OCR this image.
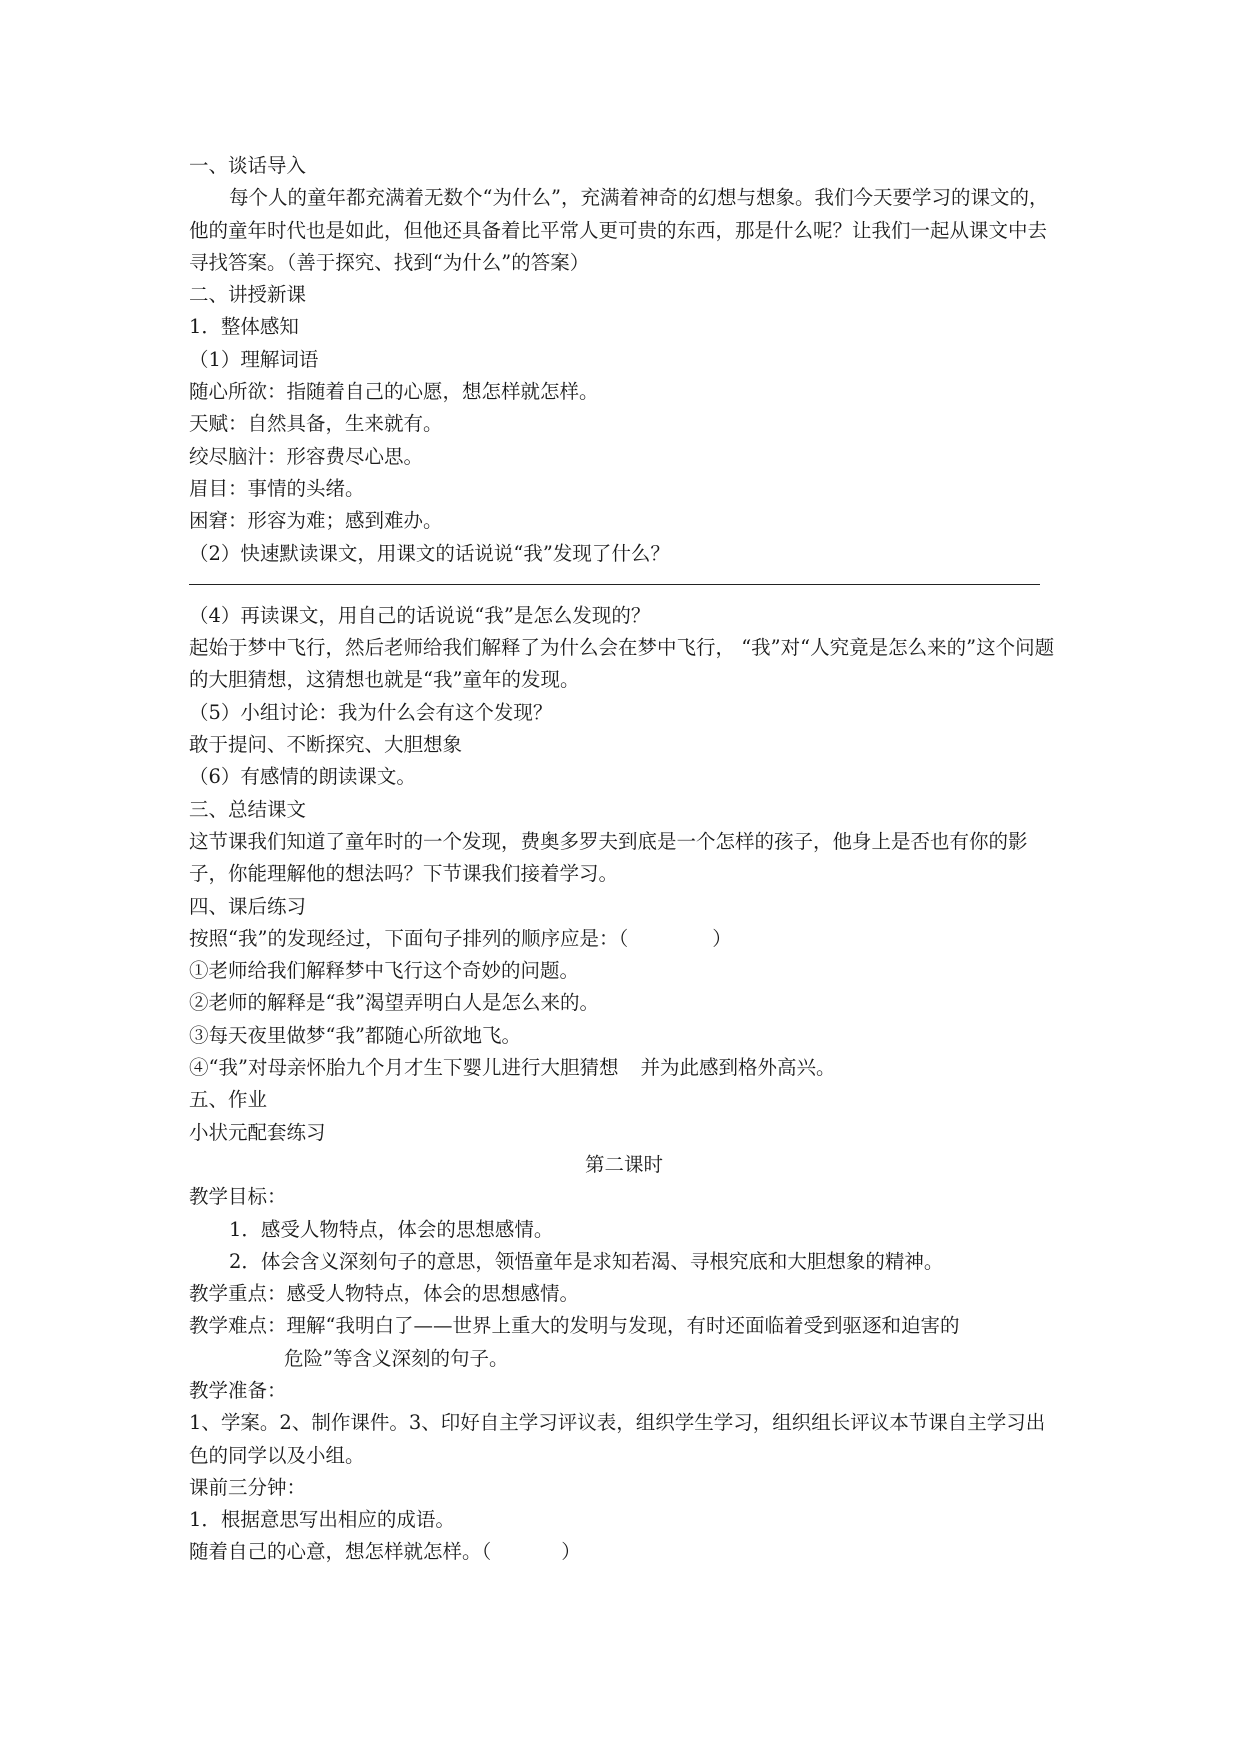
一、谈话导入
每个人的童年都充满着无数个“为什么”，充满着神奇的幻想与想象。我们今天要学习的课文的，他的童年时代也是如此，但他还具备着比平常人更可贵的东西，那是什么呢？让我们一起从课文中去寻找答案。（善于探究、找到“为什么”的答案）
二、讲授新课
1．整体感知
（1）理解词语
随心所欲：指随着自己的心愿，想怎样就怎样。
天赋：自然具备，生来就有。
绞尽脑汁：形容费尽心思。
眉目：事情的头绪。
困窘：形容为难；感到难办。
（2）快速默读课文，用课文的话说说“我”发现了什么？
（4）再读课文，用自己的话说说“我”是怎么发现的？
起始于梦中飞行，然后老师给我们解释了为什么会在梦中飞行， “我”对“人究竟是怎么来的”这个问题的大胆猜想，这猜想也就是“我”童年的发现。
（5）小组讨论：我为什么会有这个发现？
敢于提问、不断探究、大胆想象
（6）有感情的朗读课文。
三、总结课文
这节课我们知道了童年时的一个发现，费奥多罗夫到底是一个怎样的孩子，他身上是否也有你的影子，你能理解他的想法吗？下节课我们接着学习。
四、课后练习
按照“我”的发现经过，下面句子排列的顺序应是：（	）
①老师给我们解释梦中飞行这个奇妙的问题。
②老师的解释是“我”渴望弄明白人是怎么来的。
③每天夜里做梦“我”都随心所欲地飞。
④“我”对母亲怀胎九个月才生下婴儿进行大胆猜想 并为此感到格外高兴。
五、作业
小状元配套练习
第二课时
教学目标：
1．感受人物特点，体会的思想感情。
2．体会含义深刻句子的意思，领悟童年是求知若渴、寻根究底和大胆想象的精神。
教学重点：感受人物特点，体会的思想感情。
教学难点：理解“我明白了——世界上重大的发明与发现，有时还面临着受到驱逐和迫害的
危险”等含义深刻的句子。
教学准备：
1、学案。2、制作课件。3、印好自主学习评议表，组织学生学习，组织组长评议本节课自主学习出色的同学以及小组。
课前三分钟：
1．根据意思写出相应的成语。
随着自己的心意，想怎样就怎样。（	）
